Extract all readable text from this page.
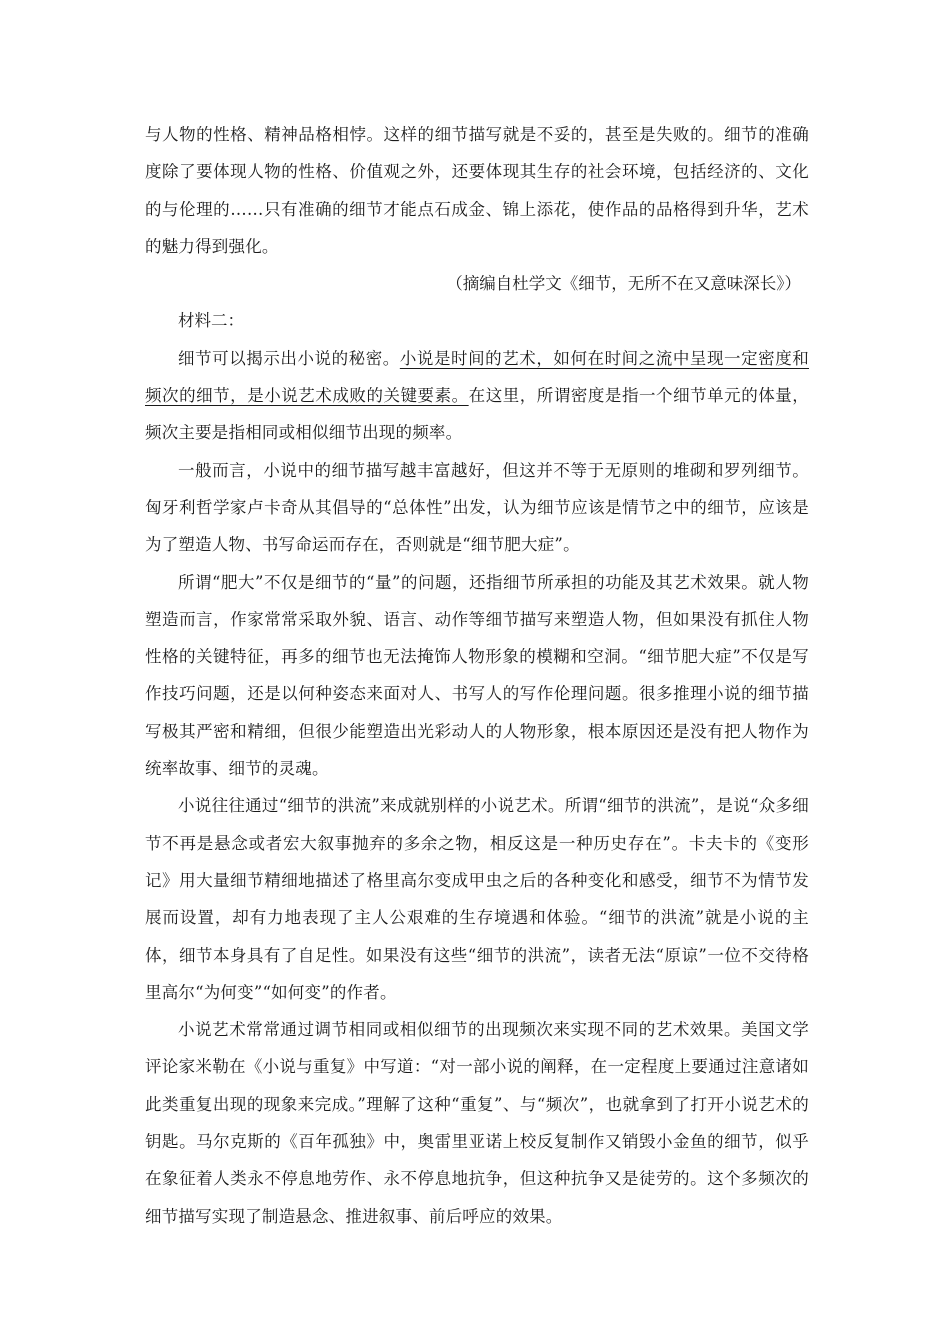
与人物的性格、精神品格相悖。这样的细节描写就是不妥的，甚至是失败的。细节的准确度除了要体现人物的性格、价值观之外，还要体现其生存的社会环境，包括经济的、文化的与伦理的……只有准确的细节才能点石成金、锦上添花，使作品的品格得到升华，艺术的魅力得到强化。

（摘编自杜学文《细节，无所不在又意味深长》）

材料二：

细节可以揭示出小说的秘密。小说是时间的艺术，如何在时间之流中呈现一定密度和频次的细节，是小说艺术成败的关键要素。在这里，所谓密度是指一个细节单元的体量，频次主要是指相同或相似细节出现的频率。

一般而言，小说中的细节描写越丰富越好，但这并不等于无原则的堆砌和罗列细节。匈牙利哲学家卢卡奇从其倡导的“总体性”出发，认为细节应该是情节之中的细节，应该是为了塑造人物、书写命运而存在，否则就是“细节肥大症”。

所谓“肥大”不仅是细节的“量”的问题，还指细节所承担的功能及其艺术效果。就人物塑造而言，作家常常采取外貌、语言、动作等细节描写来塑造人物，但如果没有抓住人物性格的关键特征，再多的细节也无法掩饰人物形象的模糊和空洞。“细节肥大症”不仅是写作技巧问题，还是以何种姿态来面对人、书写人的写作伦理问题。很多推理小说的细节描写极其严密和精细，但很少能塑造出光彩动人的人物形象，根本原因还是没有把人物作为统率故事、细节的灵魂。

小说往往通过“细节的洪流”来成就别样的小说艺术。所谓“细节的洪流”，是说“众多细节不再是悬念或者宏大叙事抛弃的多余之物，相反这是一种历史存在”。卡夫卡的《变形记》用大量细节精细地描述了格里高尔变成甲虫之后的各种变化和感受，细节不为情节发展而设置，却有力地表现了主人公艰难的生存境遇和体验。“细节的洪流”就是小说的主体，细节本身具有了自足性。如果没有这些“细节的洪流”，读者无法“原谅”一位不交待格里高尔“为何变”“如何变”的作者。

小说艺术常常通过调节相同或相似细节的出现频次来实现不同的艺术效果。美国文学评论家米勒在《小说与重复》中写道：“对一部小说的阐释，在一定程度上要通过注意诸如此类重复出现的现象来完成。”理解了这种“重复”、与“频次”，也就拿到了打开小说艺术的钥匙。马尔克斯的《百年孤独》中，奥雷里亚诺上校反复制作又销毁小金鱼的细节，似乎在象征着人类永不停息地劳作、永不停息地抗争，但这种抗争又是徒劳的。这个多频次的细节描写实现了制造悬念、推进叙事、前后呼应的效果。
